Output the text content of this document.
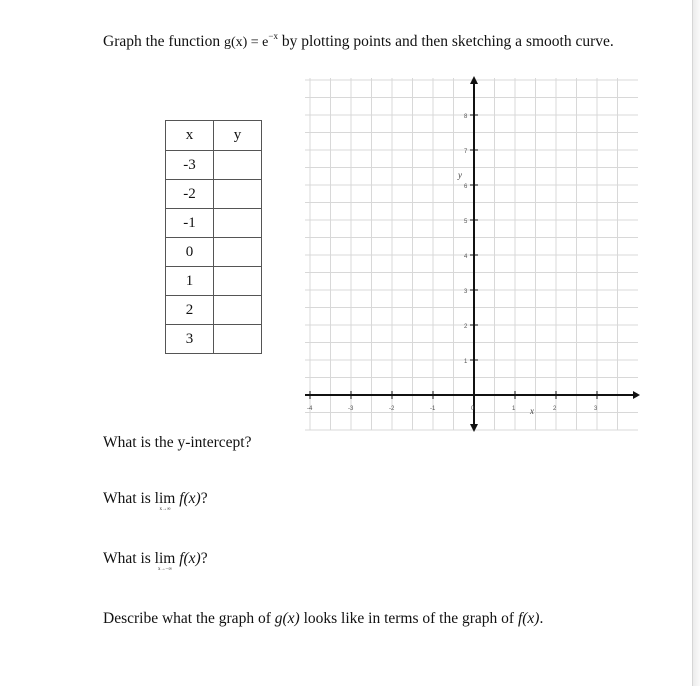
Graph the function $g(x) = e^{-x}$ by plotting points and then sketching a smooth curve.
x	y
-3	
-2	
-1	
0	
1	
2	
3	
8
7
6
5
4
3
2
1
-4	-3	-2	-1	0	1	2	3
y
x
What is the y-intercept?
What is lim
x→∞
f(x)?
What is lim
x→−∞
f(x)?
Describe what the graph of g(x) looks like in terms of the graph of f(x).
